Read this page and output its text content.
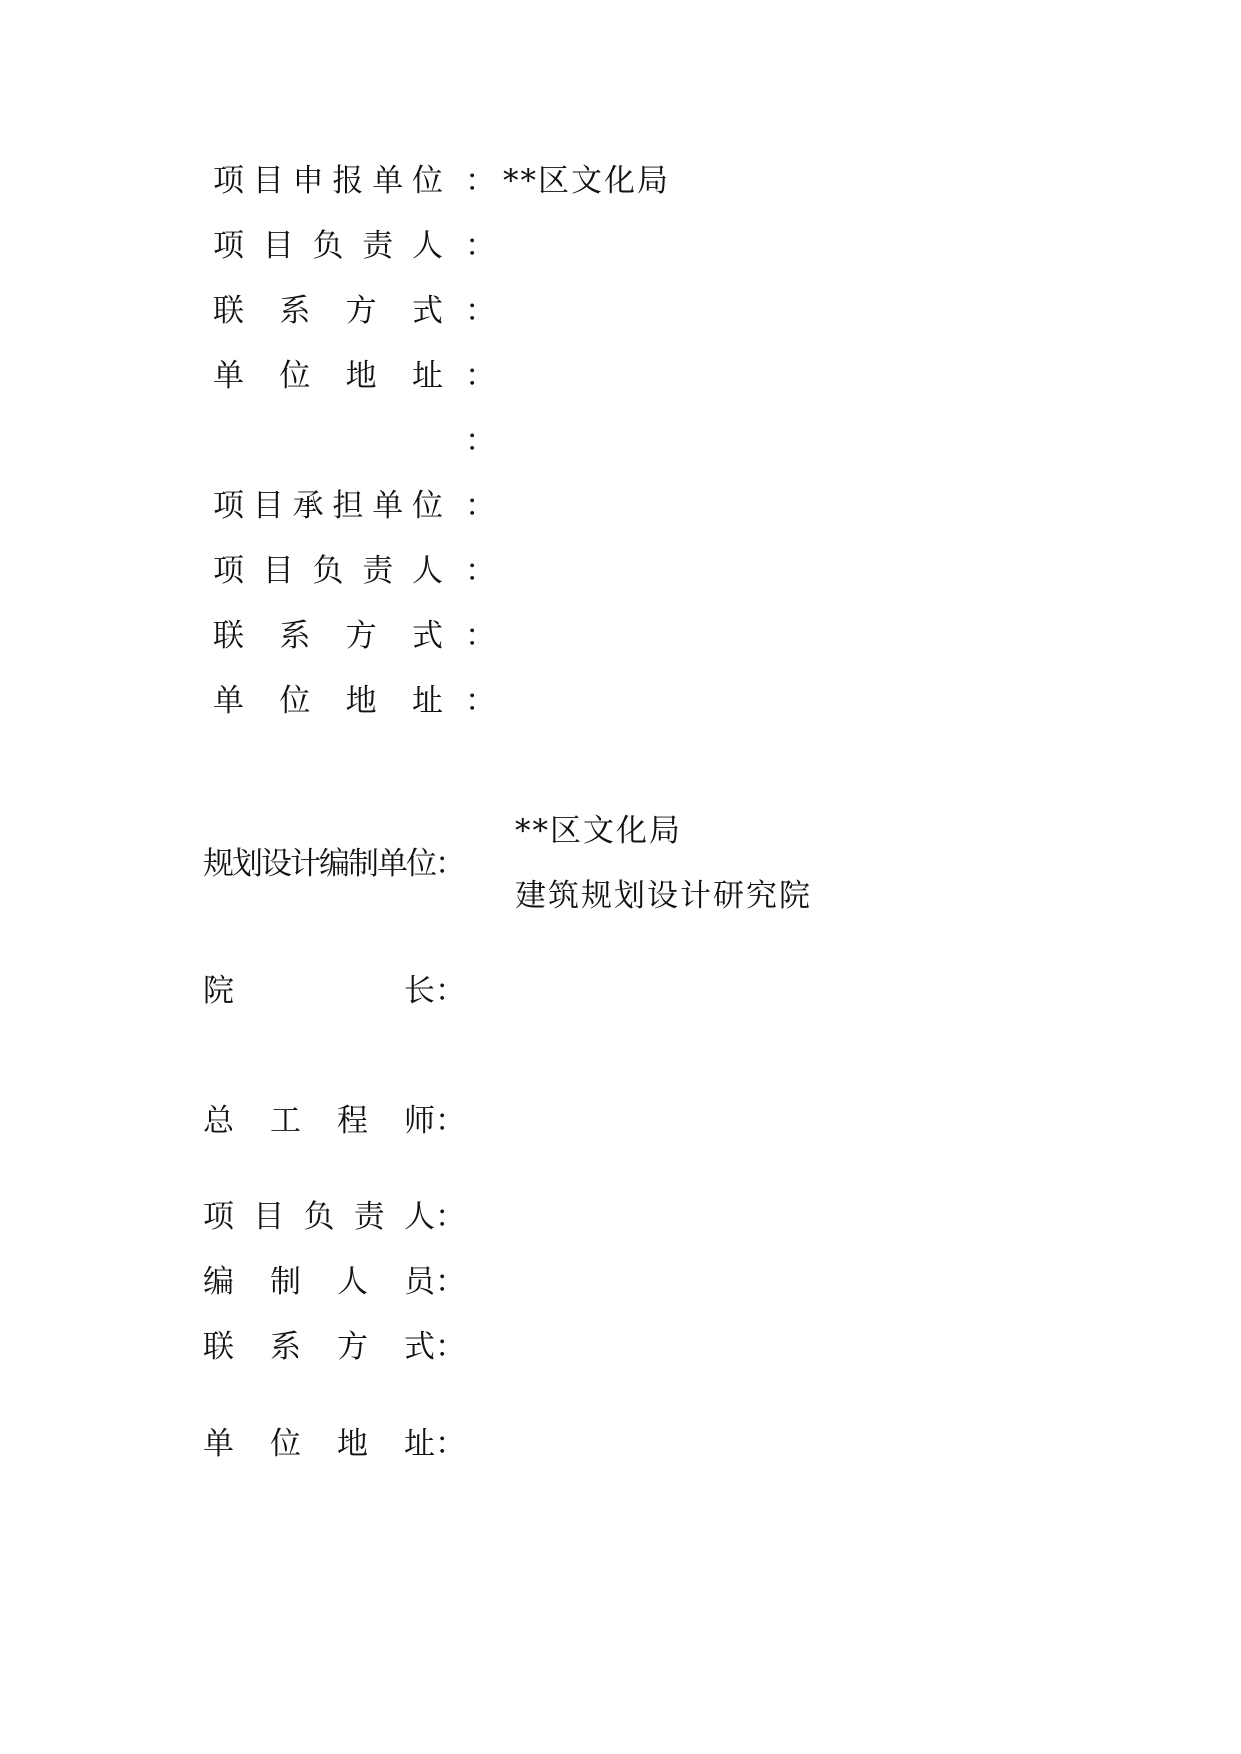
项 目 申 报 单 位 ： **区文化局
项 目 负 责 人 ：
联 系 方 式 ：
单 位 地 址 ：
：
项 目 承 担 单 位 ：
项 目 负 责 人 ：
联 系 方 式 ：
单 位 地 址 ：
规划设计编制单位 ：
**区文化局
建筑规划设计研究院
院	长 ：
总 工 程 师 ：
项 目 负 责 人 ：
编 制 人 员 ：
联 系 方 式 ：
单 位 地 址 ：
